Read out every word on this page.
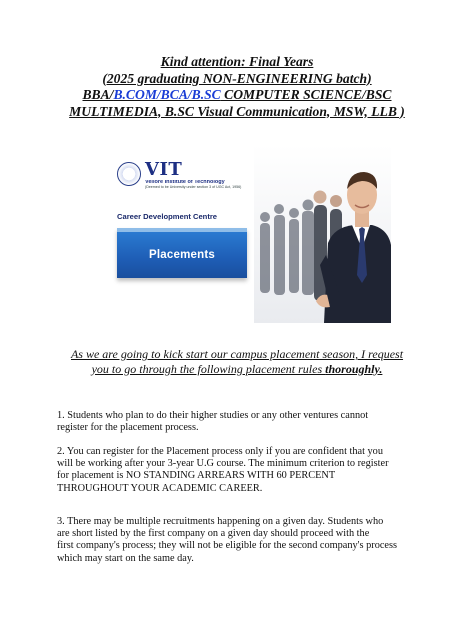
Kind attention: Final Years
(2025 graduating NON-ENGINEERING batch)
BBA/B.COM/BCA/B.SC COMPUTER SCIENCE/BSC
MULTIMEDIA, B.SC Visual Communication, MSW, LLB )
VIT
Vellore Institute of Technology
(Deemed to be University under section 3 of UGC Act, 1956)
Career Development Centre
Placements
As we are going to kick start our campus placement season, I request
you to go through the following placement rules thoroughly.
1. Students who plan to do their higher studies or any other ventures cannot
register for the placement process.
2. You can register for the Placement process only if you are confident that you
will be working after your 3-year U.G course. The minimum criterion to register
for placement is NO STANDING ARREARS WITH 60 PERCENT
THROUGHOUT YOUR ACADEMIC CAREER.
3. There may be multiple recruitments happening on a given day. Students who
are short listed by the first company on a given day should proceed with the
first company's process; they will not be eligible for the second company's process
which may start on the same day.
